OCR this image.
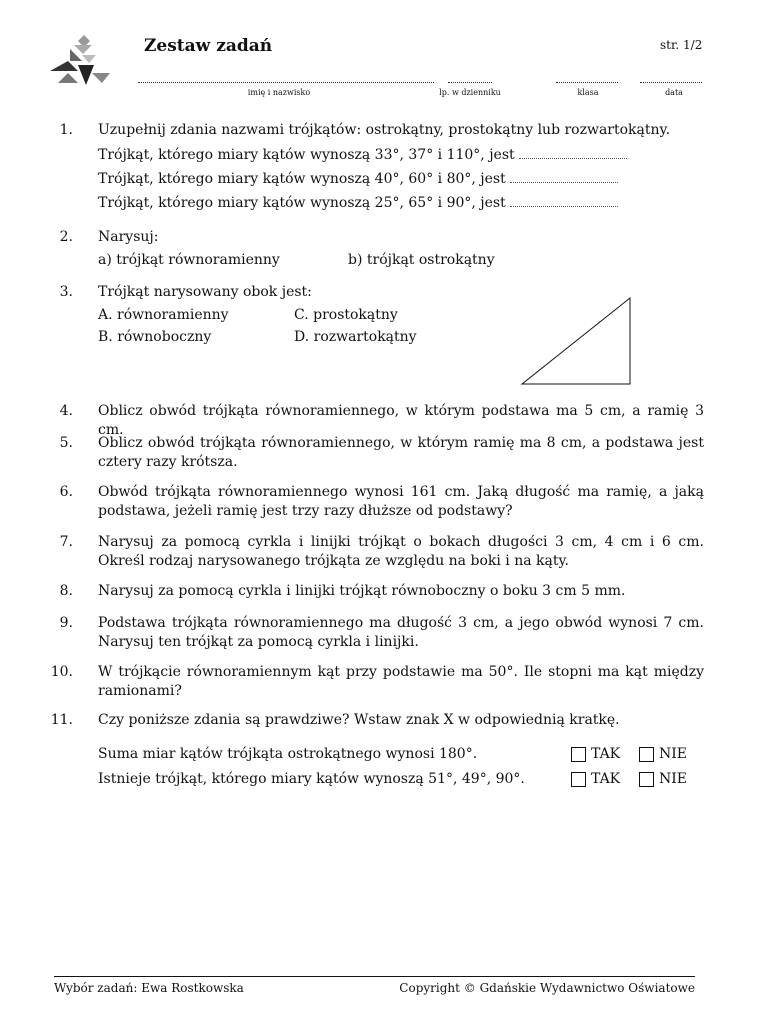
Zestaw zadań	str. 1/2
imię i nazwisko	lp. w dzienniku	klasa	data
1. Uzupełnij zdania nazwami trójkątów: ostrokątny, prostokątny lub rozwartokątny.
Trójkąt, którego miary kątów wynoszą 33°, 37° i 110°, jest
Trójkąt, którego miary kątów wynoszą 40°, 60° i 80°, jest
Trójkąt, którego miary kątów wynoszą 25°, 65° i 90°, jest
2. Narysuj:
a) trójkąt równoramienny	b) trójkąt ostrokątny
3. Trójkąt narysowany obok jest:
A. równoramienny	C. prostokątny
B. równoboczny	D. rozwartokątny
4. Oblicz obwód trójkąta równoramiennego, w którym podstawa ma 5 cm, a ramię 3 cm.
5. Oblicz obwód trójkąta równoramiennego, w którym ramię ma 8 cm, a podstawa jest cztery razy krótsza.
6. Obwód trójkąta równoramiennego wynosi 161 cm. Jaką długość ma ramię, a jaką podstawa, jeżeli ramię jest trzy razy dłuższe od podstawy?
7. Narysuj za pomocą cyrkla i linijki trójkąt o bokach długości 3 cm, 4 cm i 6 cm. Określ rodzaj narysowanego trójkąta ze względu na boki i na kąty.
8. Narysuj za pomocą cyrkla i linijki trójkąt równoboczny o boku 3 cm 5 mm.
9. Podstawa trójkąta równoramiennego ma długość 3 cm, a jego obwód wynosi 7 cm. Narysuj ten trójkąt za pomocą cyrkla i linijki.
10. W trójkącie równoramiennym kąt przy podstawie ma 50°. Ile stopni ma kąt między ramionami?
11. Czy poniższe zdania są prawdziwe? Wstaw znak X w odpowiednią kratkę.
Suma miar kątów trójkąta ostrokątnego wynosi 180°.	TAK	NIE
Istnieje trójkąt, którego miary kątów wynoszą 51°, 49°, 90°.	TAK	NIE
Wybór zadań: Ewa Rostkowska	Copyright © Gdańskie Wydawnictwo Oświatowe
